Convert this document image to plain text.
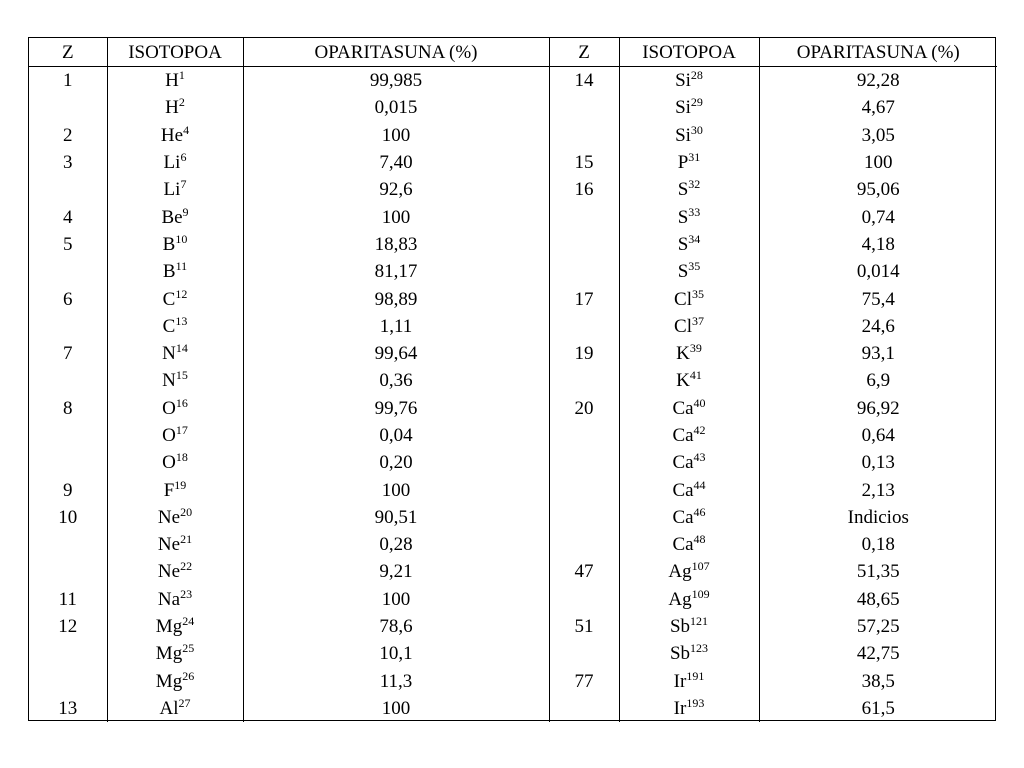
Z	ISOTOPOA	OPARITASUNA (%)	Z	ISOTOPOA	OPARITASUNA (%)
1	$H^1$	99,985	14	Si$^{28}$	92,28
	$H^2$	0,015		Si$^{29}$	4,67
2	He$^4$	100		Si$^{30}$	3,05
3	Li$^6$	7,40	15	$P^{31}$	100
	Li$^7$	92,6	16	$S^{32}$	95,06
4	Be$^9$	100		$S^{33}$	0,74
5	$B^{10}$	18,83		$S^{34}$	4,18
	$B^{11}$	81,17		$S^{35}$	0,014
6	$C^{12}$	98,89	17	Cl$^{35}$	75,4
	$C^{13}$	1,11		Cl$^{37}$	24,6
7	$N^{14}$	99,64	19	$K^{39}$	93,1
	$N^{15}$	0,36		$K^{41}$	6,9
8	$O^{16}$	99,76	20	Ca$^{40}$	96,92
	$O^{17}$	0,04		Ca$^{42}$	0,64
	$O^{18}$	0,20		Ca$^{43}$	0,13
9	$F^{19}$	100		Ca$^{44}$	2,13
10	Ne$^{20}$	90,51		Ca$^{46}$	Indicios
	Ne$^{21}$	0,28		Ca$^{48}$	0,18
	Ne$^{22}$	9,21	47	Ag$^{107}$	51,35
11	Na$^{23}$	100		Ag$^{109}$	48,65
12	Mg$^{24}$	78,6	51	Sb$^{121}$	57,25
	Mg$^{25}$	10,1		Sb$^{123}$	42,75
	Mg$^{26}$	11,3	77	Ir$^{191}$	38,5
13	Al$^{27}$	100		Ir$^{193}$	61,5
